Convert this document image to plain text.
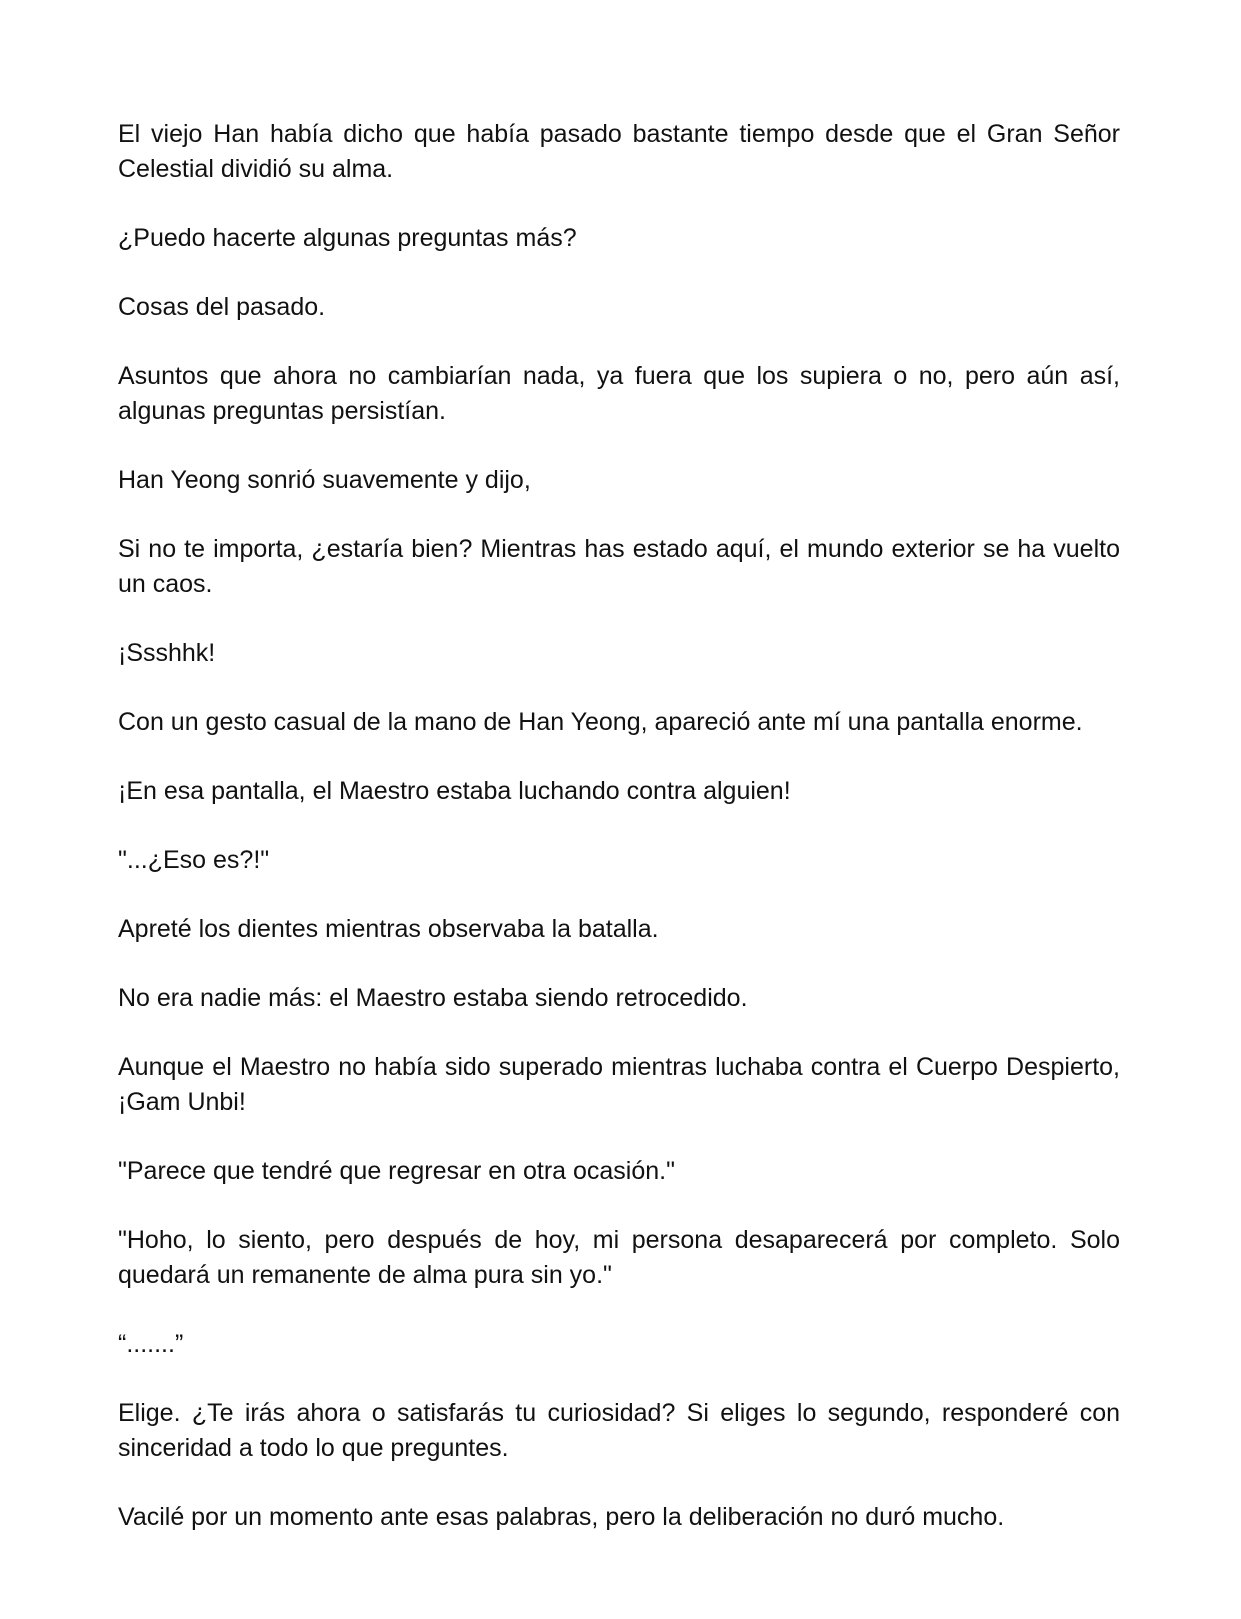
El viejo Han había dicho que había pasado bastante tiempo desde que el Gran Señor Celestial dividió su alma.

¿Puedo hacerte algunas preguntas más?

Cosas del pasado.

Asuntos que ahora no cambiarían nada, ya fuera que los supiera o no, pero aún así, algunas preguntas persistían.

Han Yeong sonrió suavemente y dijo,

Si no te importa, ¿estaría bien? Mientras has estado aquí, el mundo exterior se ha vuelto un caos.

¡Ssshhk!

Con un gesto casual de la mano de Han Yeong, apareció ante mí una pantalla enorme.

¡En esa pantalla, el Maestro estaba luchando contra alguien!

"...¿Eso es?!"

Apreté los dientes mientras observaba la batalla.

No era nadie más: el Maestro estaba siendo retrocedido.

Aunque el Maestro no había sido superado mientras luchaba contra el Cuerpo Despierto, ¡Gam Unbi!

"Parece que tendré que regresar en otra ocasión."

"Hoho, lo siento, pero después de hoy, mi persona desaparecerá por completo. Solo quedará un remanente de alma pura sin yo."

“.......”

Elige. ¿Te irás ahora o satisfarás tu curiosidad? Si eliges lo segundo, responderé con sinceridad a todo lo que preguntes.

Vacilé por un momento ante esas palabras, pero la deliberación no duró mucho.
